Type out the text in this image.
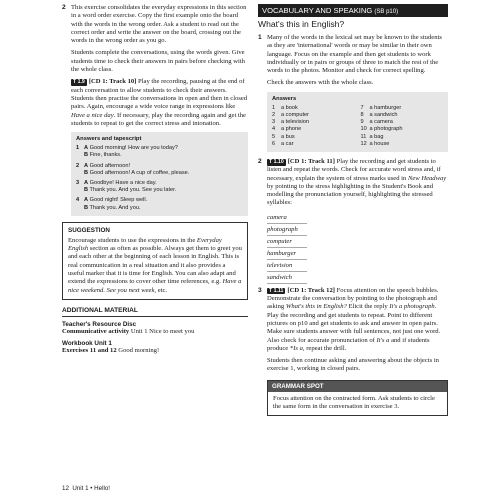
2 This exercise consolidates the everyday expressions in this section in a word order exercise. Copy the first example onto the board with the words in the wrong order. Ask a student to read out the correct order and write the answer on the board, crossing out the words in the wrong order as you go.

Students complete the conversations, using the words given. Give students time to check their answers in pairs before checking with the whole class.

T 1.9 [CD 1: Track 10] Play the recording, pausing at the end of each conversation to allow students to check their answers. Students then practise the conversations in open and then in closed pairs. Again, encourage a wide voice range in expressions like Have a nice day. If necessary, play the recording again and get the students to repeat to get the correct stress and intonation.

Answers and tapescript
1 A Good morning! How are you today?
B Fine, thanks.
2 A Good afternoon!
B Good afternoon! A cup of coffee, please.
3 A Goodbye! Have a nice day.
B Thank you. And you. See you later.
4 A Good night! Sleep well.
B Thank you. And you.
SUGGESTION

Encourage students to use the expressions in the Everyday English section as often as possible. Always get them to greet you and each other at the beginning of each lesson in English. This is real communication in a real situation and it also provides a useful marker that it is time for English. You can also adapt and extend the expressions to cover other time references, e.g. Have a nice weekend. See you next week, etc.

ADDITIONAL MATERIAL

Teacher's Resource Disc

Communicative activity Unit 1 Nice to meet you

Workbook Unit 1

Exercises 11 and 12 Good morning!

VOCABULARY AND SPEAKING (SB p10)
What's this in English?
1 Many of the words in the lexical set may be known to the students as they are 'international' words or may be similar in their own language. Focus on the example and then get students to work individually or in pairs or groups of three to match the rest of the words to the photos. Monitor and check for correct spelling.

Check the answers with the whole class.

Answers
1 a book
2 a computer
3 a television
4 a phone
5 a bus
6 a car
7 a hamburger
8 a sandwich
9 a camera
10 a photograph
11 a bag
12 a house
2	T 1.10 [CD 1: Track 11] Play the recording and get students to listen and repeat the words. Check for accurate word stress and, if necessary, explain the system of stress marks used in New Headway by pointing to the stress highlighting in the Student's Book and modelling the pronunciation yourself, highlighting the stressed syllables:

camera
photograph
computer
hamburger
television
sandwich
3	T 1.11 [CD 1: Track 12] Focus attention on the speech bubbles. Demonstrate the conversation by pointing to the photograph and asking What's this in English? Elicit the reply It's a photograph. Play the recording and get students to repeat. Point to different pictures on p10 and get students to ask and answer in open pairs. Make sure students answer with full sentences, not just one word. Also check for accurate pronunciation of It's a and if students produce *Is a, repeat the drill.

Students then continue asking and answering about the objects in exercise 1, working in closed pairs.

GRAMMAR SPOT

Focus attention on the contracted form. Ask students to circle the same form in the conversation in exercise 3.

12 Unit 1 • Hello!
